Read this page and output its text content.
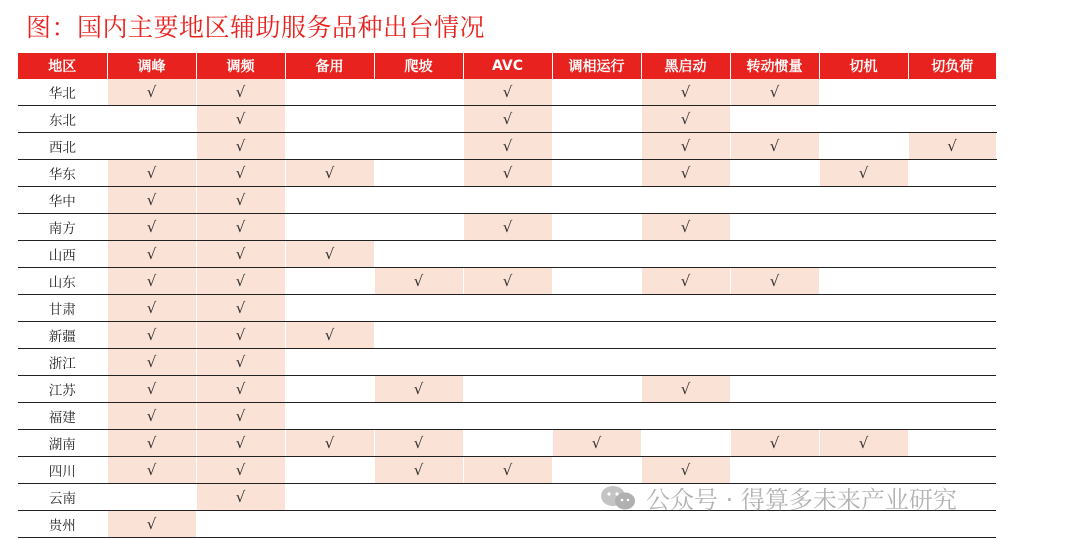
图：国内主要地区辅助服务品种出台情况
地区	调峰	调频	备用	爬坡	AVC	调相运行	黑启动	转动惯量	切机	切负荷
华北	√	√			√		√	√		
东北		√			√		√			
西北		√			√		√	√		√
华东	√	√	√		√		√		√	
华中	√	√								
南方	√	√			√		√			
山西	√	√	√							
山东	√	√		√	√		√	√		
甘肃	√	√								
新疆	√	√	√							
浙江	√	√								
江苏	√	√		√			√			
福建	√	√								
湖南	√	√	√	√		√		√	√	
四川	√	√		√	√		√			
云南		√								
贵州	√									
公众号 · 得算多未来产业研究
